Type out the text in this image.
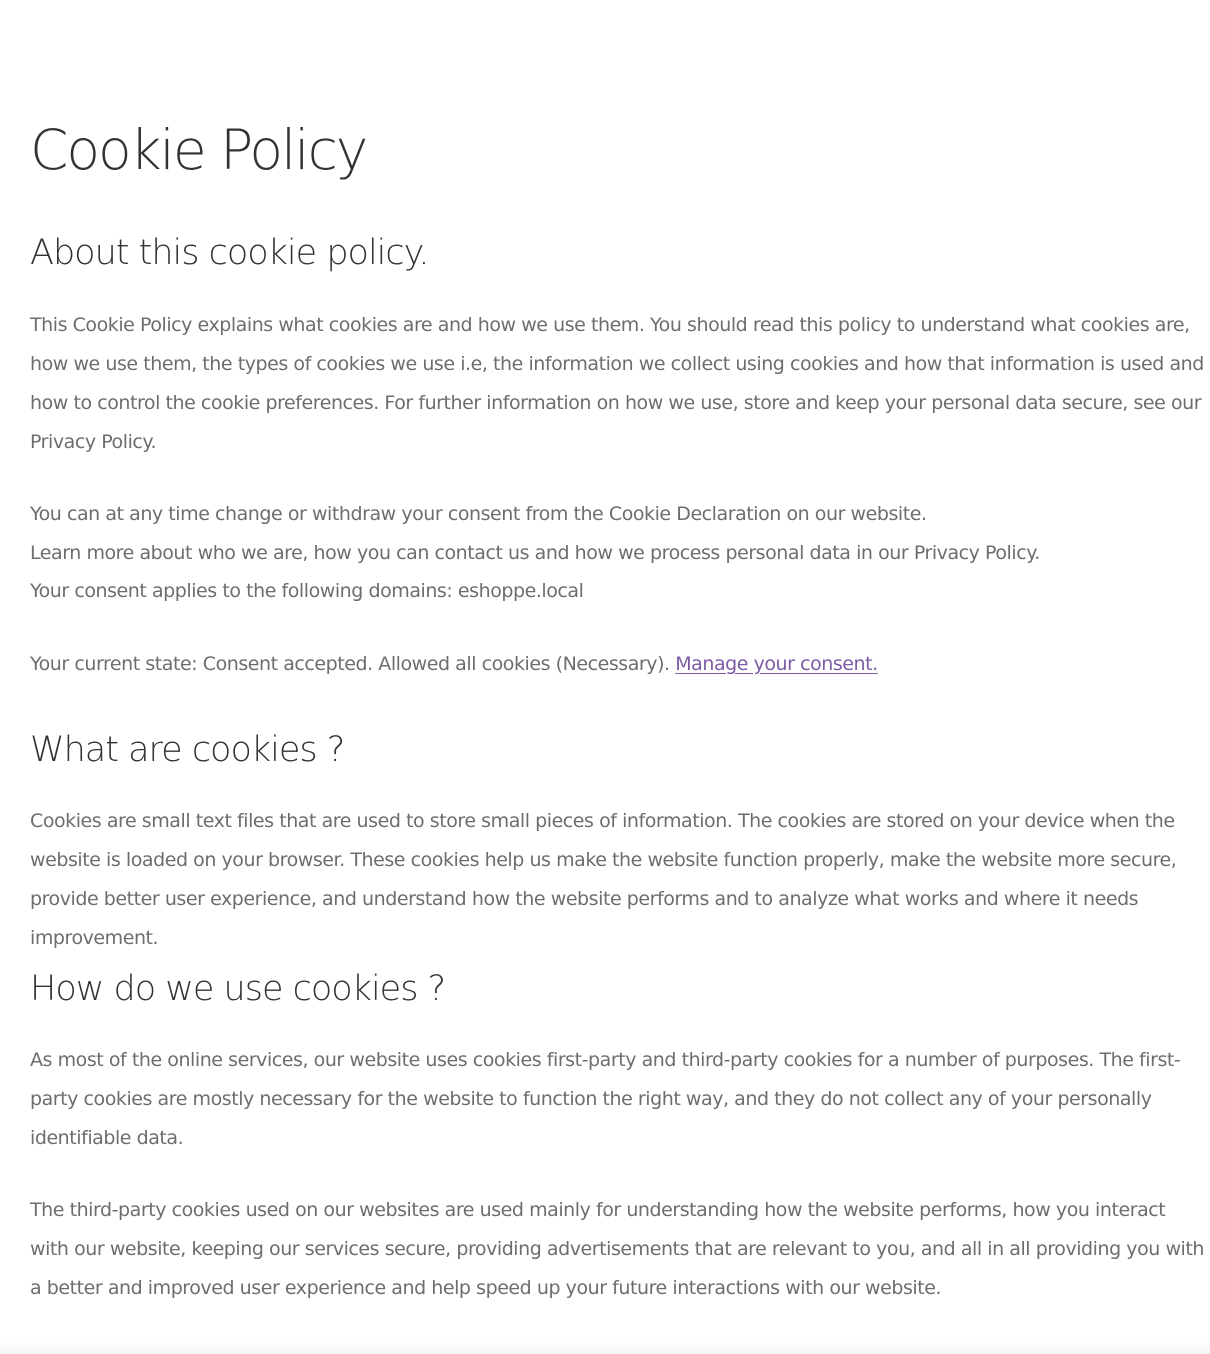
Cookie Policy
About this cookie policy.

This Cookie Policy explains what cookies are and how we use them. You should read this policy to understand what cookies are, how we use them, the types of cookies we use i.e, the information we collect using cookies and how that information is used and how to control the cookie preferences. For further information on how we use, store and keep your personal data secure, see our Privacy Policy.

You can at any time change or withdraw your consent from the Cookie Declaration on our website.

Learn more about who we are, how you can contact us and how we process personal data in our Privacy Policy.

Your consent applies to the following domains: eshoppe.local

Your current state: Consent accepted. Allowed all cookies (Necessary). Manage your consent.

What are cookies ?

Cookies are small text files that are used to store small pieces of information. The cookies are stored on your device when the website is loaded on your browser. These cookies help us make the website function properly, make the website more secure, provide better user experience, and understand how the website performs and to analyze what works and where it needs improvement.

How do we use cookies ?

As most of the online services, our website uses cookies first-party and third-party cookies for a number of purposes. The first-party cookies are mostly necessary for the website to function the right way, and they do not collect any of your personally identifiable data.

The third-party cookies used on our websites are used mainly for understanding how the website performs, how you interact with our website, keeping our services secure, providing advertisements that are relevant to you, and all in all providing you with a better and improved user experience and help speed up your future interactions with our website.
